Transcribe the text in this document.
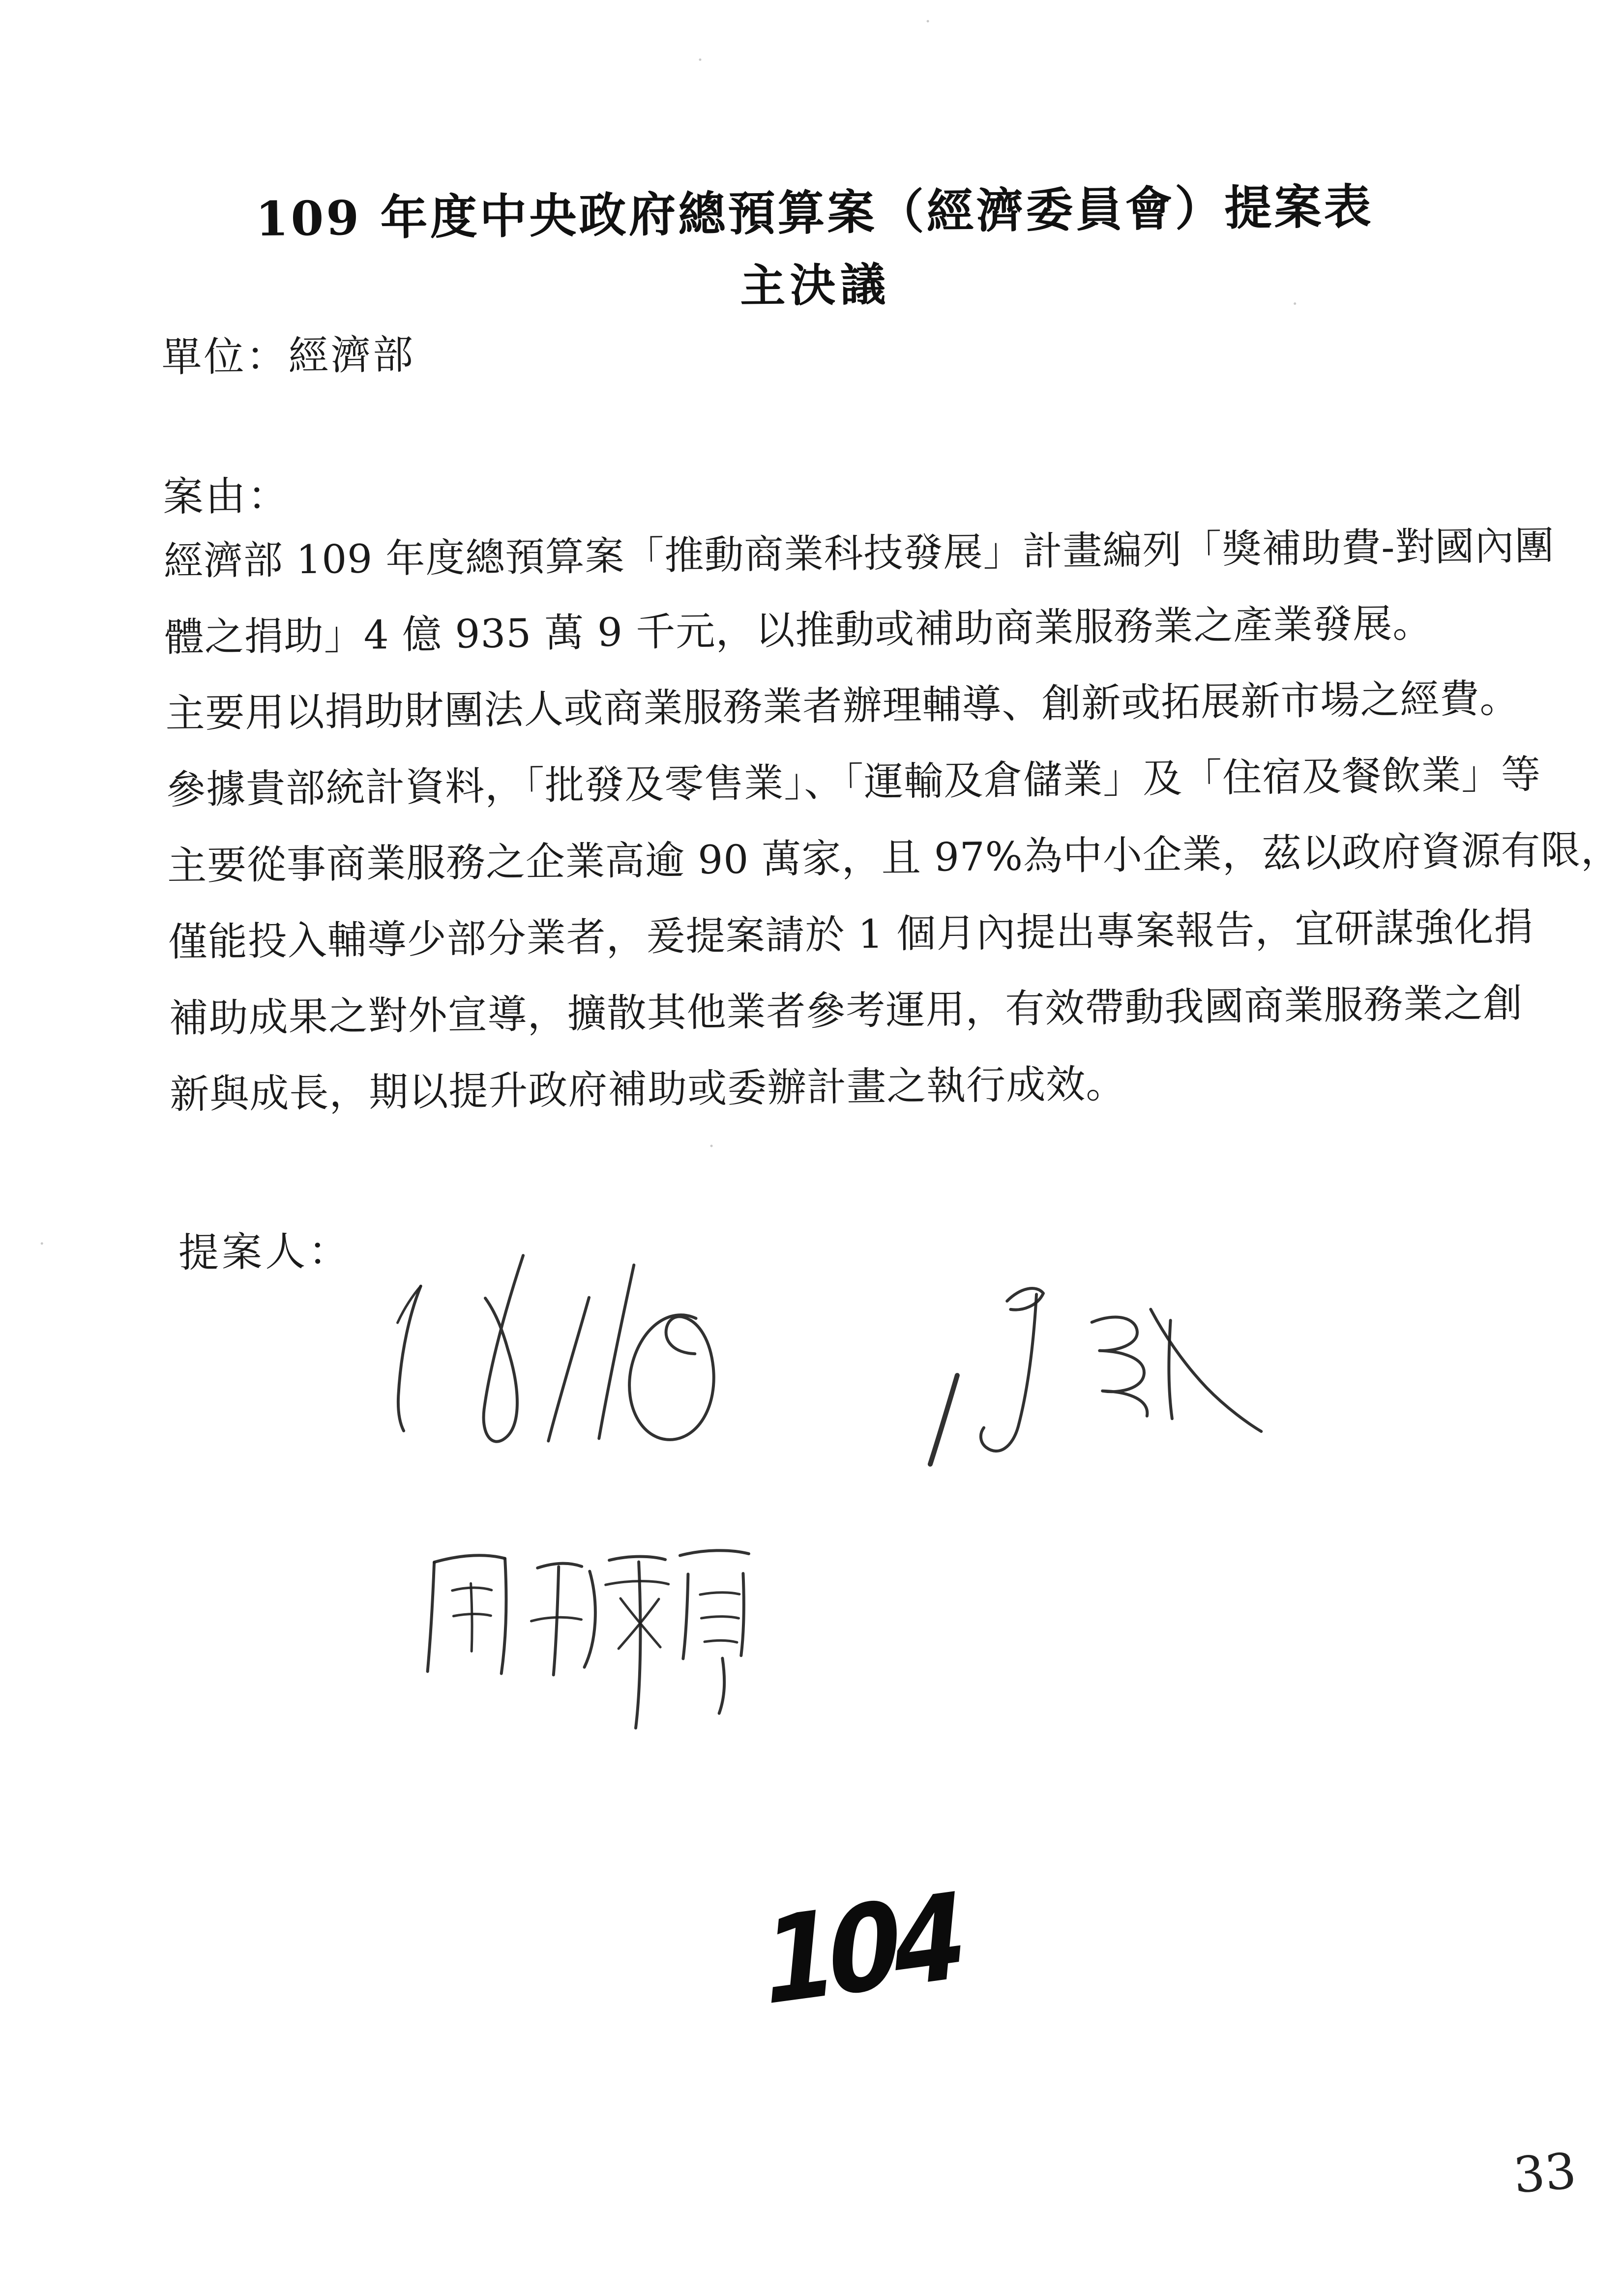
109 年度中央政府總預算案（經濟委員會）提案表
主決議
單位：經濟部
案由：
經濟部 109 年度總預算案「推動商業科技發展」計畫編列「獎補助費-對國內團
體之捐助」4 億 935 萬 9 千元，以推動或補助商業服務業之產業發展。
主要用以捐助財團法人或商業服務業者辦理輔導、創新或拓展新市場之經費。
參據貴部統計資料，「批發及零售業」、「運輸及倉儲業」及「住宿及餐飲業」等
主要從事商業服務之企業高逾 90 萬家，且 97%為中小企業，茲以政府資源有限，
僅能投入輔導少部分業者，爰提案請於 1 個月內提出專案報告，宜研謀強化捐
補助成果之對外宣導，擴散其他業者參考運用，有效帶動我國商業服務業之創
新與成長，期以提升政府補助或委辦計畫之執行成效。
提案人：
104
33
